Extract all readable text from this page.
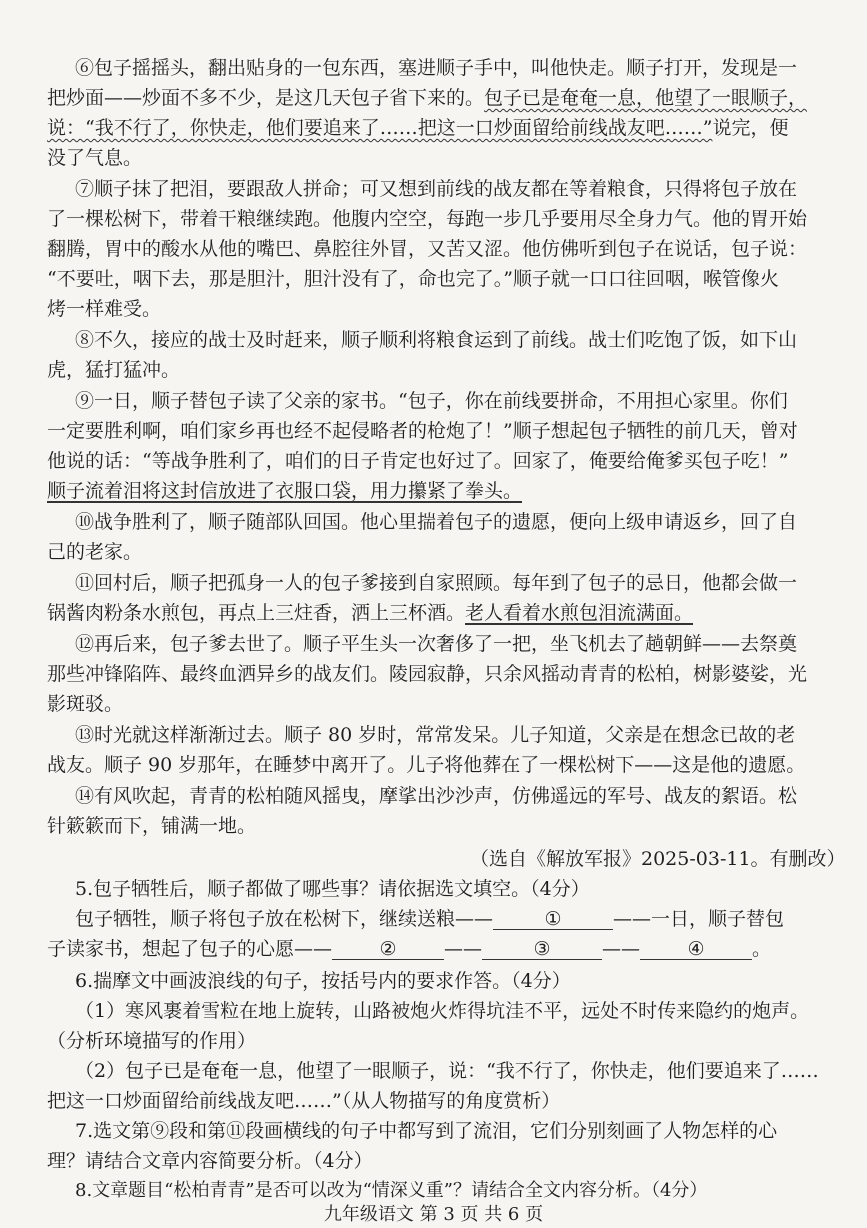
⑥包子摇摇头，翻出贴身的一包东西，塞进顺子手中，叫他快走。顺子打开，发现是一
把炒面——炒面不多不少，是这几天包子省下来的。包子已是奄奄一息，他望了一眼顺子，
说：“我不行了，你快走，他们要追来了……把这一口炒面留给前线战友吧……”说完，便
没了气息。
⑦顺子抹了把泪，要跟敌人拼命；可又想到前线的战友都在等着粮食，只得将包子放在
了一棵松树下，带着干粮继续跑。他腹内空空，每跑一步几乎要用尽全身力气。他的胃开始
翻腾，胃中的酸水从他的嘴巴、鼻腔往外冒，又苦又涩。他仿佛听到包子在说话，包子说：
“不要吐，咽下去，那是胆汁，胆汁没有了，命也完了。”顺子就一口口往回咽，喉管像火
烤一样难受。
⑧不久，接应的战士及时赶来，顺子顺利将粮食运到了前线。战士们吃饱了饭，如下山
虎，猛打猛冲。
⑨一日，顺子替包子读了父亲的家书。“包子，你在前线要拼命，不用担心家里。你们
一定要胜利啊，咱们家乡再也经不起侵略者的枪炮了！”顺子想起包子牺牲的前几天，曾对
他说的话：“等战争胜利了，咱们的日子肯定也好过了。回家了，俺要给俺爹买包子吃！”
顺子流着泪将这封信放进了衣服口袋，用力攥紧了拳头。
⑩战争胜利了，顺子随部队回国。他心里揣着包子的遗愿，便向上级申请返乡，回了自
己的老家。
⑪回村后，顺子把孤身一人的包子爹接到自家照顾。每年到了包子的忌日，他都会做一
锅酱肉粉条水煎包，再点上三炷香，洒上三杯酒。老人看着水煎包泪流满面。
⑫再后来，包子爹去世了。顺子平生头一次奢侈了一把，坐飞机去了趟朝鲜——去祭奠
那些冲锋陷阵、最终血洒异乡的战友们。陵园寂静，只余风摇动青青的松柏，树影婆娑，光
影斑驳。
⑬时光就这样渐渐过去。顺子 80 岁时，常常发呆。儿子知道，父亲是在想念已故的老
战友。顺子 90 岁那年，在睡梦中离开了。儿子将他葬在了一棵松树下——这是他的遗愿。
⑭有风吹起，青青的松柏随风摇曳，摩挲出沙沙声，仿佛遥远的军号、战友的絮语。松
针簌簌而下，铺满一地。
（选自《解放军报》2025-03-11。有删改）
5.包子牺牲后，顺子都做了哪些事？请依据选文填空。（4分）
包子牺牲，顺子将包子放在松树下，继续送粮——	①	——一日，顺子替包
子读家书，想起了包子的心愿—— ② ——	③	—— ④ 。
6.揣摩文中画波浪线的句子，按括号内的要求作答。（4分）
（1）寒风裹着雪粒在地上旋转，山路被炮火炸得坑洼不平，远处不时传来隐约的炮声。
（分析环境描写的作用）
（2）包子已是奄奄一息，他望了一眼顺子，说：“我不行了，你快走，他们要追来了……
把这一口炒面留给前线战友吧……”（从人物描写的角度赏析）
7.选文第⑨段和第⑪段画横线的句子中都写到了流泪，它们分别刻画了人物怎样的心
理？请结合文章内容简要分析。（4分）
8.文章题目“松柏青青”是否可以改为“情深义重”？请结合全文内容分析。（4分）
九年级语文 第 3 页 共 6 页
